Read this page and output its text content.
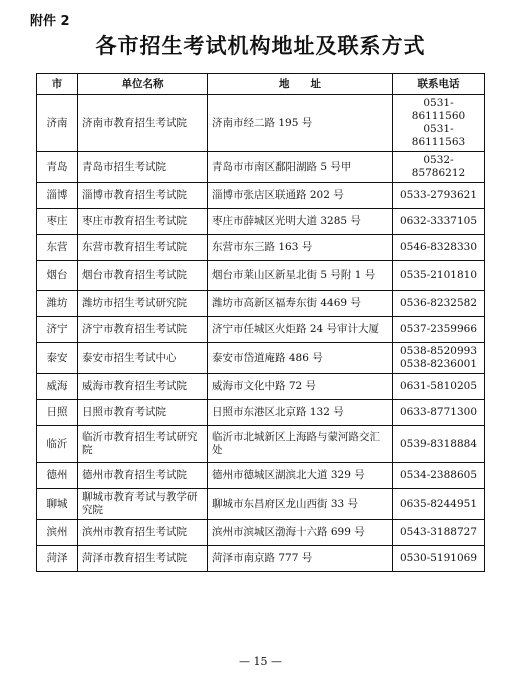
附件 2
各市招生考试机构地址及联系方式
市	单位名称	地　　址	联系电话
济南	济南市教育招生考试院	济南市经二路 195 号	0531-86111560
0531-86111563

青岛	青岛市招生考试院	青岛市市南区鄱阳湖路 5 号甲	0532-85786212

淄博	淄博市教育招生考试院	淄博市张店区联通路 202 号	0533-2793621

枣庄	枣庄市教育招生考试院	枣庄市薛城区光明大道 3285 号	0632-3337105

东营	东营市教育招生考试院	东营市东三路 163 号	0546-8328330

烟台	烟台市教育招生考试院	烟台市莱山区新星北街 5 号附 1 号	0535-2101810

潍坊	潍坊市招生考试研究院	潍坊市高新区福寿东街 4469 号	0536-8232582

济宁	济宁市教育招生考试院	济宁市任城区火炬路 24 号审计大厦	0537-2359966

泰安	泰安市招生考试中心	泰安市岱道庵路 486 号	0538-8520993
0538-8236001

威海	威海市教育招生考试院	威海市文化中路 72 号	0631-5810205

日照	日照市教育考试院	日照市东港区北京路 132 号	0633-8771300

临沂	临沂市教育招生考试研究院	临沂市北城新区上海路与蒙河路交汇处	0539-8318884

德州	德州市教育招生考试院	德州市德城区湖滨北大道 329 号	0534-2388605

聊城	聊城市教育考试与教学研究院	聊城市东昌府区龙山西街 33 号	0635-8244951

滨州	滨州市教育招生考试院	滨州市滨城区渤海十六路 699 号	0543-3188727

菏泽	菏泽市教育招生考试院	菏泽市南京路 777 号	0530-5191069
— 15 —
